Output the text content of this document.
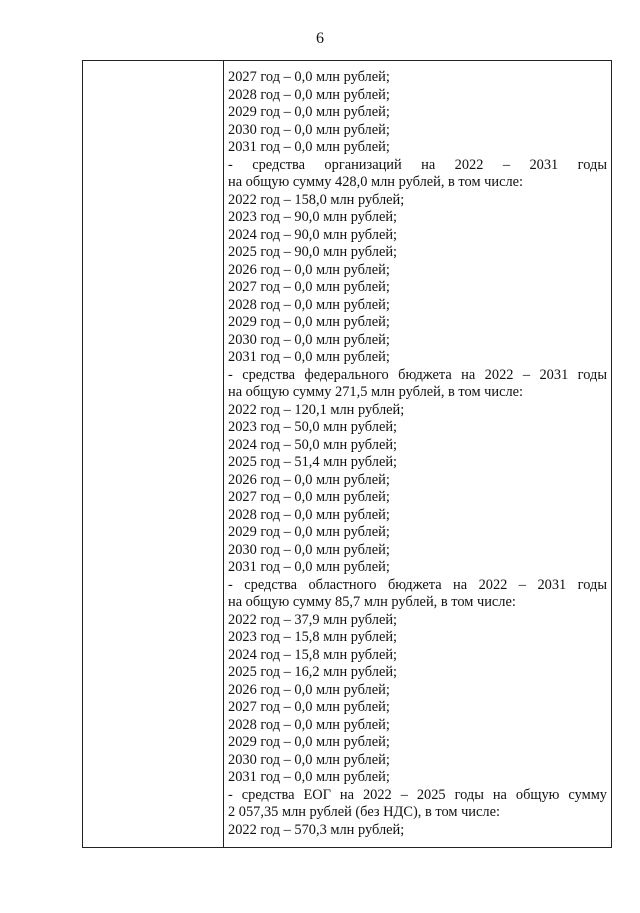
6
2027 год – 0,0 млн рублей;
2028 год – 0,0 млн рублей;
2029 год – 0,0 млн рублей;
2030 год – 0,0 млн рублей;
2031 год – 0,0 млн рублей;
- средства организаций на 2022 – 2031 годы
на общую сумму 428,0 млн рублей, в том числе:
2022 год – 158,0 млн рублей;
2023 год – 90,0 млн рублей;
2024 год – 90,0 млн рублей;
2025 год – 90,0 млн рублей;
2026 год – 0,0 млн рублей;
2027 год – 0,0 млн рублей;
2028 год – 0,0 млн рублей;
2029 год – 0,0 млн рублей;
2030 год – 0,0 млн рублей;
2031 год – 0,0 млн рублей;
- средства федерального бюджета на 2022 – 2031 годы
на общую сумму 271,5 млн рублей, в том числе:
2022 год – 120,1 млн рублей;
2023 год – 50,0 млн рублей;
2024 год – 50,0 млн рублей;
2025 год – 51,4 млн рублей;
2026 год – 0,0 млн рублей;
2027 год – 0,0 млн рублей;
2028 год – 0,0 млн рублей;
2029 год – 0,0 млн рублей;
2030 год – 0,0 млн рублей;
2031 год – 0,0 млн рублей;
- средства областного бюджета на 2022 – 2031 годы
на общую сумму 85,7 млн рублей, в том числе:
2022 год – 37,9 млн рублей;
2023 год – 15,8 млн рублей;
2024 год – 15,8 млн рублей;
2025 год – 16,2 млн рублей;
2026 год – 0,0 млн рублей;
2027 год – 0,0 млн рублей;
2028 год – 0,0 млн рублей;
2029 год – 0,0 млн рублей;
2030 год – 0,0 млн рублей;
2031 год – 0,0 млн рублей;
- средства ЕОГ на 2022 – 2025 годы на общую сумму
2 057,35 млн рублей (без НДС), в том числе:
2022 год – 570,3 млн рублей;
